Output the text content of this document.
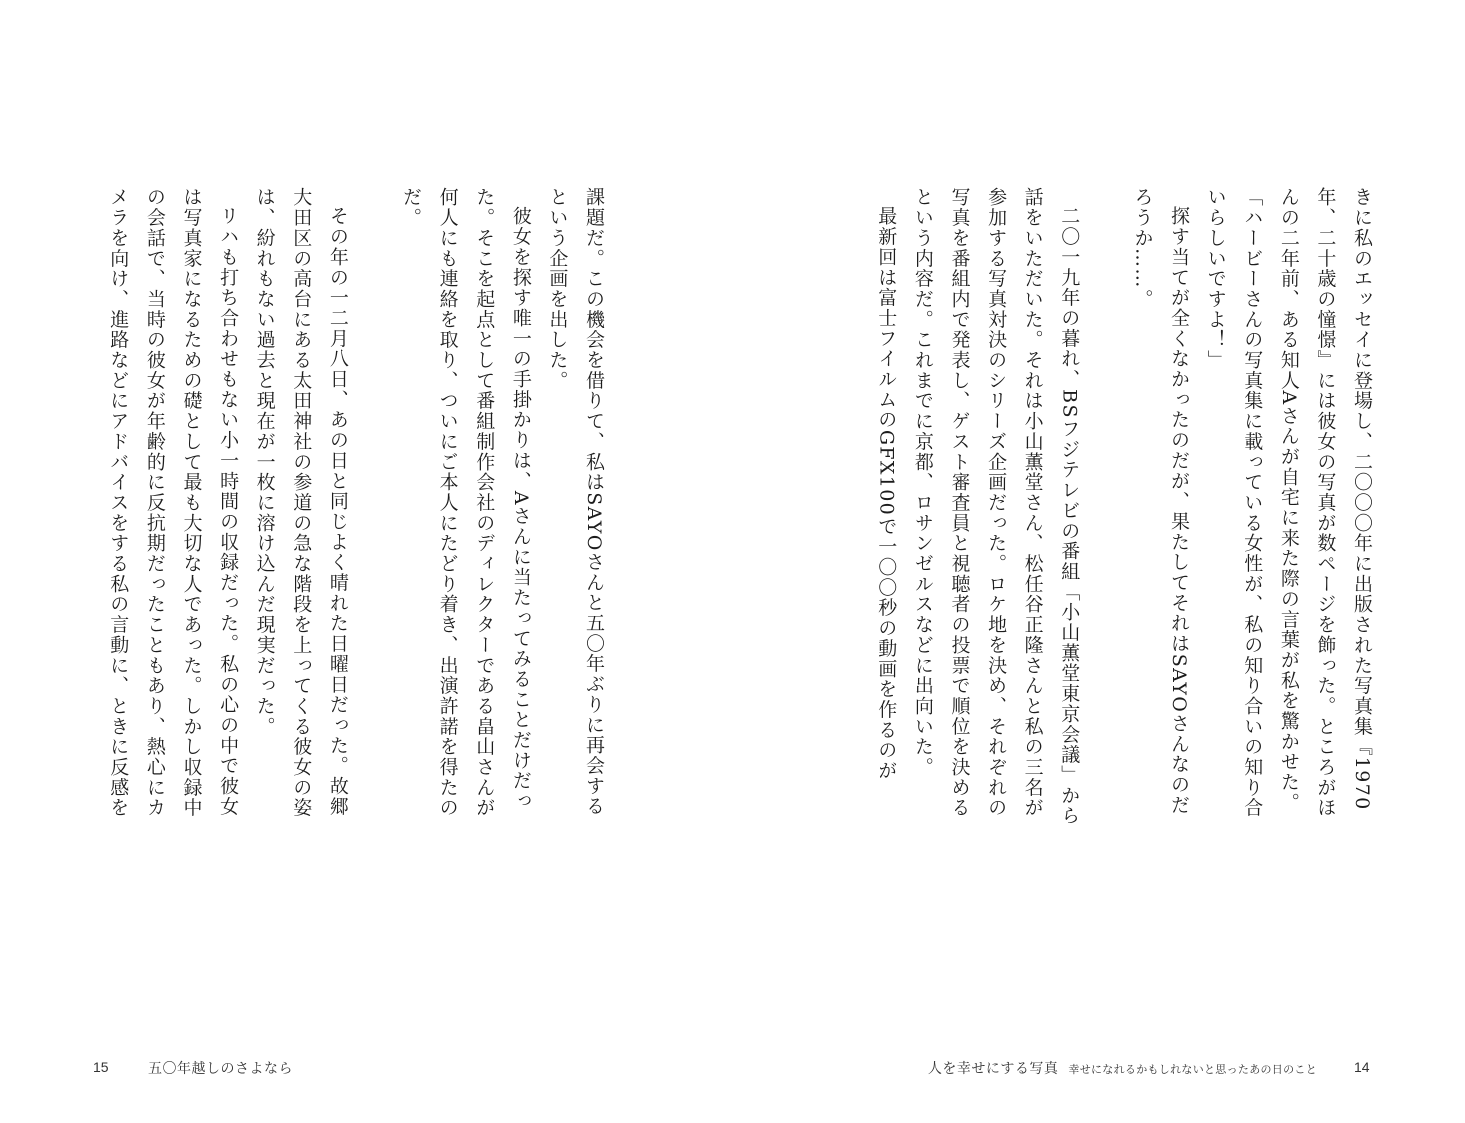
きに私のエッセイに登場し、二〇〇〇年に出版された写真集『1970年、二十歳の憧憬』には彼女の写真が数ページを飾った。ところがほんの二年前、ある知人Aさんが自宅に来た際の言葉が私を驚かせた。

「ハービーさんの写真集に載っている女性が、私の知り合いの知り合いらしいですよ！」

探す当てが全くなかったのだが、果たしてそれはSAYOさんなのだろうか……。

二〇一九年の暮れ、BSフジテレビの番組「小山薫堂東京会議」から話をいただいた。それは小山薫堂さん、松任谷正隆さんと私の三名が参加する写真対決のシリーズ企画だった。ロケ地を決め、それぞれの写真を番組内で発表し、ゲスト審査員と視聴者の投票で順位を決めるという内容だ。これまでに京都、ロサンゼルスなどに出向いた。

最新回は富士フイルムのGFX100で一〇〇秒の動画を作るのが

人を幸せにする写真 幸せになれるかもしれないと思ったあの日のこと	14

課題だ。この機会を借りて、私はSAYOさんと五〇年ぶりに再会するという企画を出した。

彼女を探す唯一の手掛かりは、Aさんに当たってみることだけだった。そこを起点として番組制作会社のディレクターである畠山さんが何人にも連絡を取り、ついにご本人にたどり着き、出演許諾を得たのだ。

その年の一二月八日、あの日と同じよく晴れた日曜日だった。故郷大田区の高台にある太田神社の参道の急な階段を上ってくる彼女の姿は、紛れもない過去と現在が一枚に溶け込んだ現実だった。

リハも打ち合わせもない小一時間の収録だった。私の心の中で彼女は写真家になるための礎として最も大切な人であった。しかし収録中の会話で、当時の彼女が年齢的に反抗期だったこともあり、熱心にカメラを向け、進路などにアドバイスをする私の言動に、ときに反感を

15	五〇年越しのさよなら
